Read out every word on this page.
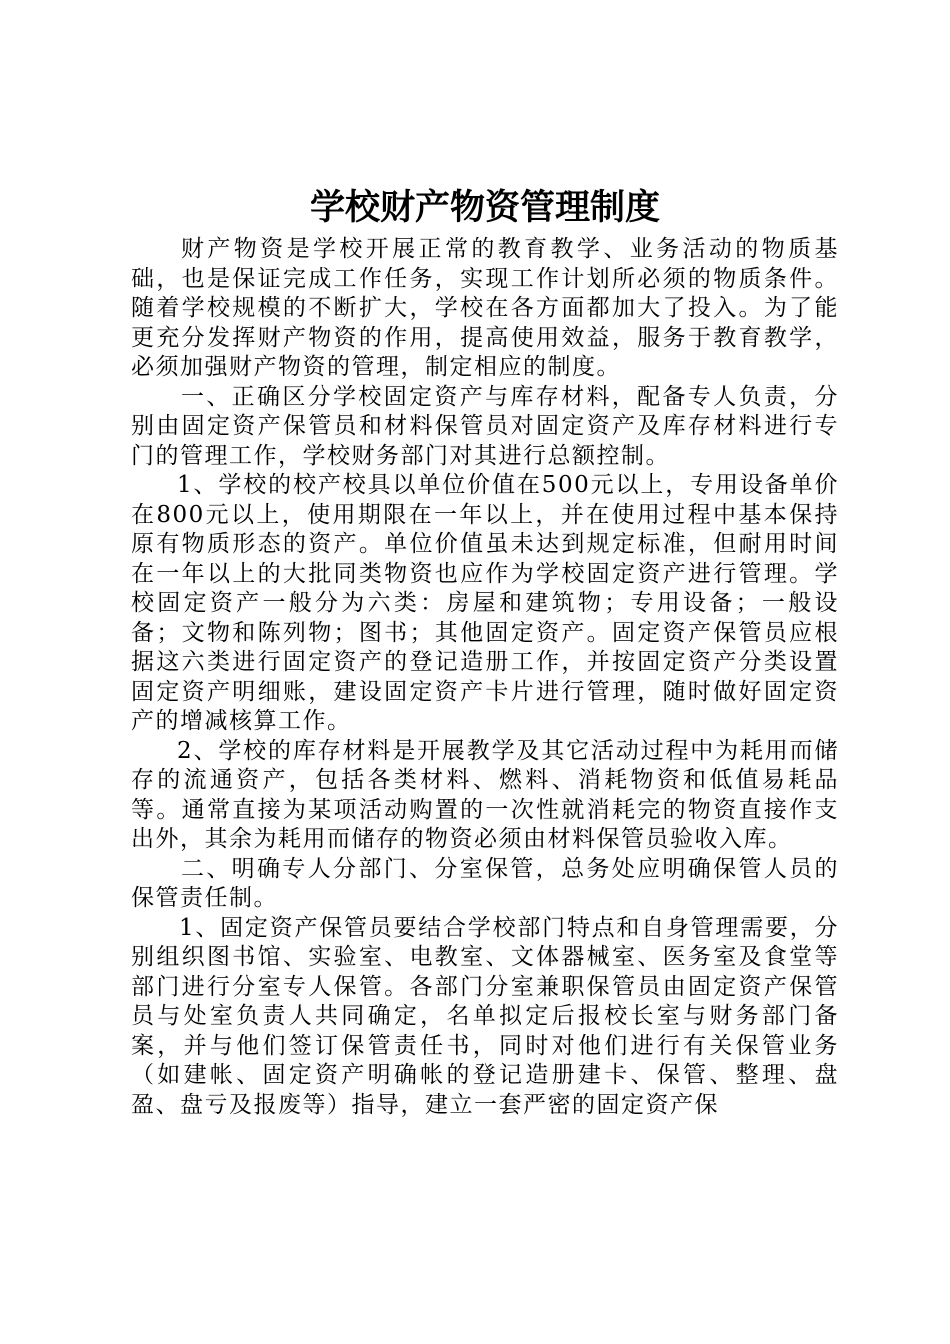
学校财产物资管理制度

财产物资是学校开展正常的教育教学、业务活动的物质基础，也是保证完成工作任务，实现工作计划所必须的物质条件。随着学校规模的不断扩大，学校在各方面都加大了投入。为了能更充分发挥财产物资的作用，提高使用效益，服务于教育教学，必须加强财产物资的管理，制定相应的制度。

一、正确区分学校固定资产与库存材料，配备专人负责，分别由固定资产保管员和材料保管员对固定资产及库存材料进行专门的管理工作，学校财务部门对其进行总额控制。

1、学校的校产校具以单位价值在500元以上，专用设备单价在800元以上，使用期限在一年以上，并在使用过程中基本保持原有物质形态的资产。单位价值虽未达到规定标准，但耐用时间在一年以上的大批同类物资也应作为学校固定资产进行管理。学校固定资产一般分为六类：房屋和建筑物；专用设备；一般设备；文物和陈列物；图书；其他固定资产。固定资产保管员应根据这六类进行固定资产的登记造册工作，并按固定资产分类设置固定资产明细账，建设固定资产卡片进行管理，随时做好固定资产的增减核算工作。

2、学校的库存材料是开展教学及其它活动过程中为耗用而储存的流通资产，包括各类材料、燃料、消耗物资和低值易耗品等。通常直接为某项活动购置的一次性就消耗完的物资直接作支出外，其余为耗用而储存的物资必须由材料保管员验收入库。

二、明确专人分部门、分室保管，总务处应明确保管人员的保管责任制。

1、固定资产保管员要结合学校部门特点和自身管理需要，分别组织图书馆、实验室、电教室、文体器械室、医务室及食堂等部门进行分室专人保管。各部门分室兼职保管员由固定资产保管员与处室负责人共同确定，名单拟定后报校长室与财务部门备案，并与他们签订保管责任书，同时对他们进行有关保管业务（如建帐、固定资产明确帐的登记造册建卡、保管、整理、盘盈、盘亏及报废等）指导，建立一套严密的固定资产保
